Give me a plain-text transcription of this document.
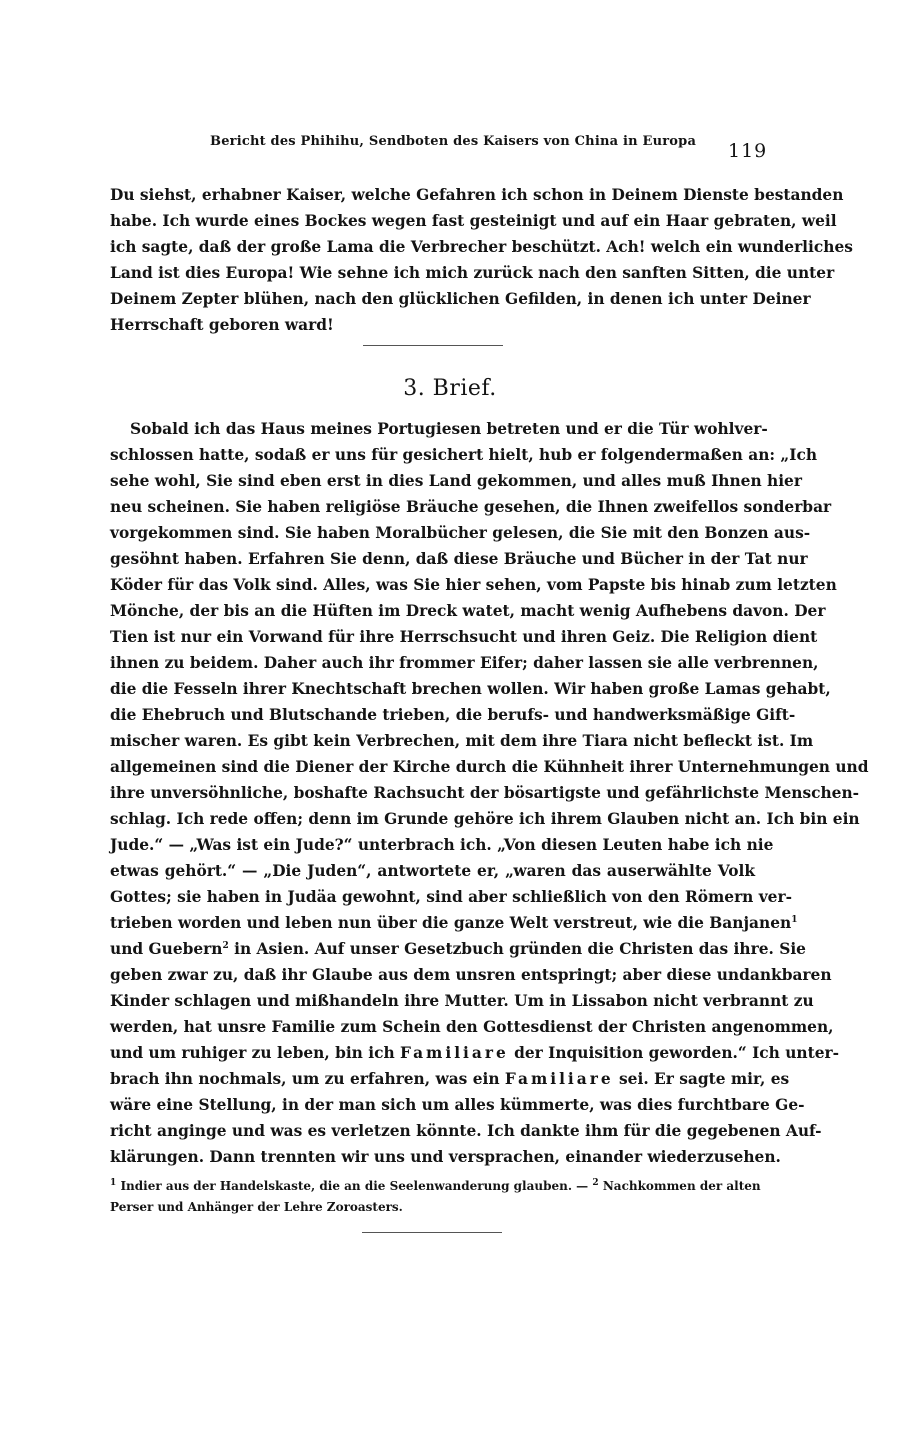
Bericht des Phihihu, Sendboten des Kaisers von China in Europa 119
Du siehst, erhabner Kaiser, welche Gefahren ich schon in Deinem Dienste bestanden
habe. Ich wurde eines Bockes wegen fast gesteinigt und auf ein Haar gebraten, weil
ich sagte, daß der große Lama die Verbrecher beschützt. Ach! welch ein wunderliches
Land ist dies Europa! Wie sehne ich mich zurück nach den sanften Sitten, die unter
Deinem Zepter blühen, nach den glücklichen Gefilden, in denen ich unter Deiner
Herrschaft geboren ward!
3. Brief.
Sobald ich das Haus meines Portugiesen betreten und er die Tür wohlver-
schlossen hatte, sodaß er uns für gesichert hielt, hub er folgendermaßen an: „Ich
sehe wohl, Sie sind eben erst in dies Land gekommen, und alles muß Ihnen hier
neu scheinen. Sie haben religiöse Bräuche gesehen, die Ihnen zweifellos sonderbar
vorgekommen sind. Sie haben Moralbücher gelesen, die Sie mit den Bonzen aus-
gesöhnt haben. Erfahren Sie denn, daß diese Bräuche und Bücher in der Tat nur
Köder für das Volk sind. Alles, was Sie hier sehen, vom Papste bis hinab zum letzten
Mönche, der bis an die Hüften im Dreck watet, macht wenig Aufhebens davon. Der
Tien ist nur ein Vorwand für ihre Herrschsucht und ihren Geiz. Die Religion dient
ihnen zu beidem. Daher auch ihr frommer Eifer; daher lassen sie alle verbrennen,
die die Fesseln ihrer Knechtschaft brechen wollen. Wir haben große Lamas gehabt,
die Ehebruch und Blutschande trieben, die berufs- und handwerksmäßige Gift-
mischer waren. Es gibt kein Verbrechen, mit dem ihre Tiara nicht befleckt ist. Im
allgemeinen sind die Diener der Kirche durch die Kühnheit ihrer Unternehmungen und
ihre unversöhnliche, boshafte Rachsucht der bösartigste und gefährlichste Menschen-
schlag. Ich rede offen; denn im Grunde gehöre ich ihrem Glauben nicht an. Ich bin ein
Jude.“ — „Was ist ein Jude?“ unterbrach ich. „Von diesen Leuten habe ich nie
etwas gehört.“ — „Die Juden“, antwortete er, „waren das auserwählte Volk
Gottes; sie haben in Judäa gewohnt, sind aber schließlich von den Römern ver-
trieben worden und leben nun über die ganze Welt verstreut, wie die Banjanen$^1$
und Guebern$^2$ in Asien. Auf unser Gesetzbuch gründen die Christen das ihre. Sie
geben zwar zu, daß ihr Glaube aus dem unsren entspringt; aber diese undankbaren
Kinder schlagen und mißhandeln ihre Mutter. Um in Lissabon nicht verbrannt zu
werden, hat unsre Familie zum Schein den Gottesdienst der Christen angenommen,
und um ruhiger zu leben, bin ich Familiare der Inquisition geworden.“ Ich unter-
brach ihn nochmals, um zu erfahren, was ein Familiare sei. Er sagte mir, es
wäre eine Stellung, in der man sich um alles kümmerte, was dies furchtbare Ge-
richt anginge und was es verletzen könnte. Ich dankte ihm für die gegebenen Auf-
klärungen. Dann trennten wir uns und versprachen, einander wiederzusehen.
$^1$ Indier aus der Handelskaste, die an die Seelenwanderung glauben. — $^2$ Nachkommen der alten
Perser und Anhänger der Lehre Zoroasters.
